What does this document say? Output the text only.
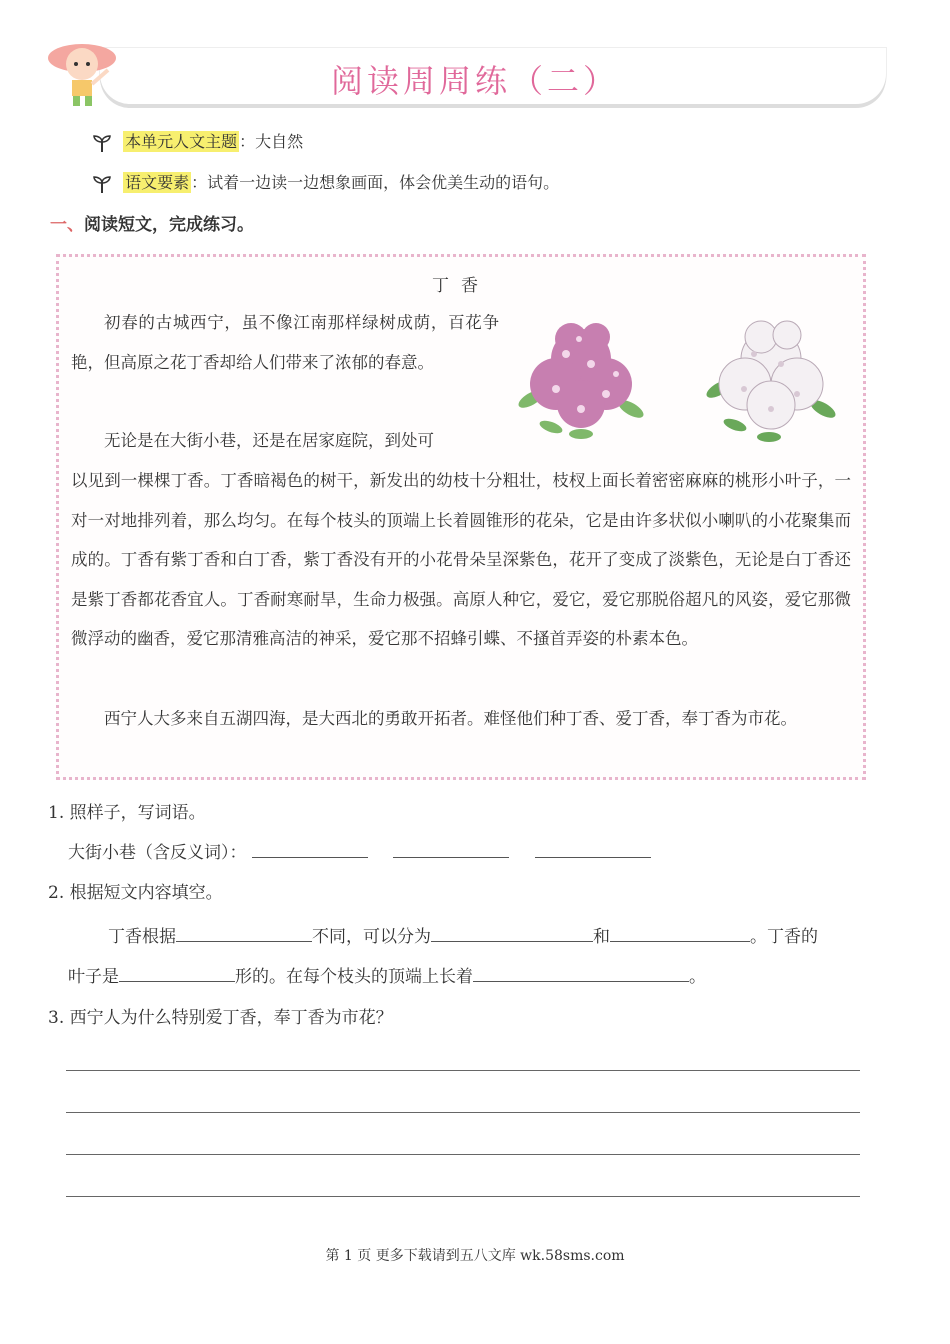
阅读周周练（二）
本单元人文主题 ：大自然
语文要素 ：试着一边读一边想象画面，体会优美生动的语句。
一、阅读短文，完成练习。
丁香
初春的古城西宁，虽不像江南那样绿树成荫，百花争艳，但高原之花丁香却给人们带来了浓郁的春意。
无论是在大街小巷，还是在居家庭院，到处可
以见到一棵棵丁香。丁香暗褐色的树干，新发出的幼枝十分粗壮，枝杈上面长着密密麻麻的桃形小叶子，一对一对地排列着，那么均匀。在每个枝头的顶端上长着圆锥形的花朵，它是由许多状似小喇叭的小花聚集而成的。丁香有紫丁香和白丁香，紫丁香没有开的小花骨朵呈深紫色，花开了变成了淡紫色，无论是白丁香还是紫丁香都花香宜人。丁香耐寒耐旱，生命力极强。高原人种它，爱它，爱它那脱俗超凡的风姿，爱它那微微浮动的幽香，爱它那清雅高洁的神采，爱它那不招蜂引蝶、不搔首弄姿的朴素本色。
西宁人大多来自五湖四海，是大西北的勇敢开拓者。难怪他们种丁香、爱丁香，奉丁香为市花。
1. 照样子，写词语。
大街小巷（含反义词）：
2. 根据短文内容填空。
丁香根据	不同，可以分为	和	。丁香的
叶子是	形的。在每个枝头的顶端上长着	。
3. 西宁人为什么特别爱丁香，奉丁香为市花？
第 1 页 更多下载请到五八文库 wk.58sms.com
